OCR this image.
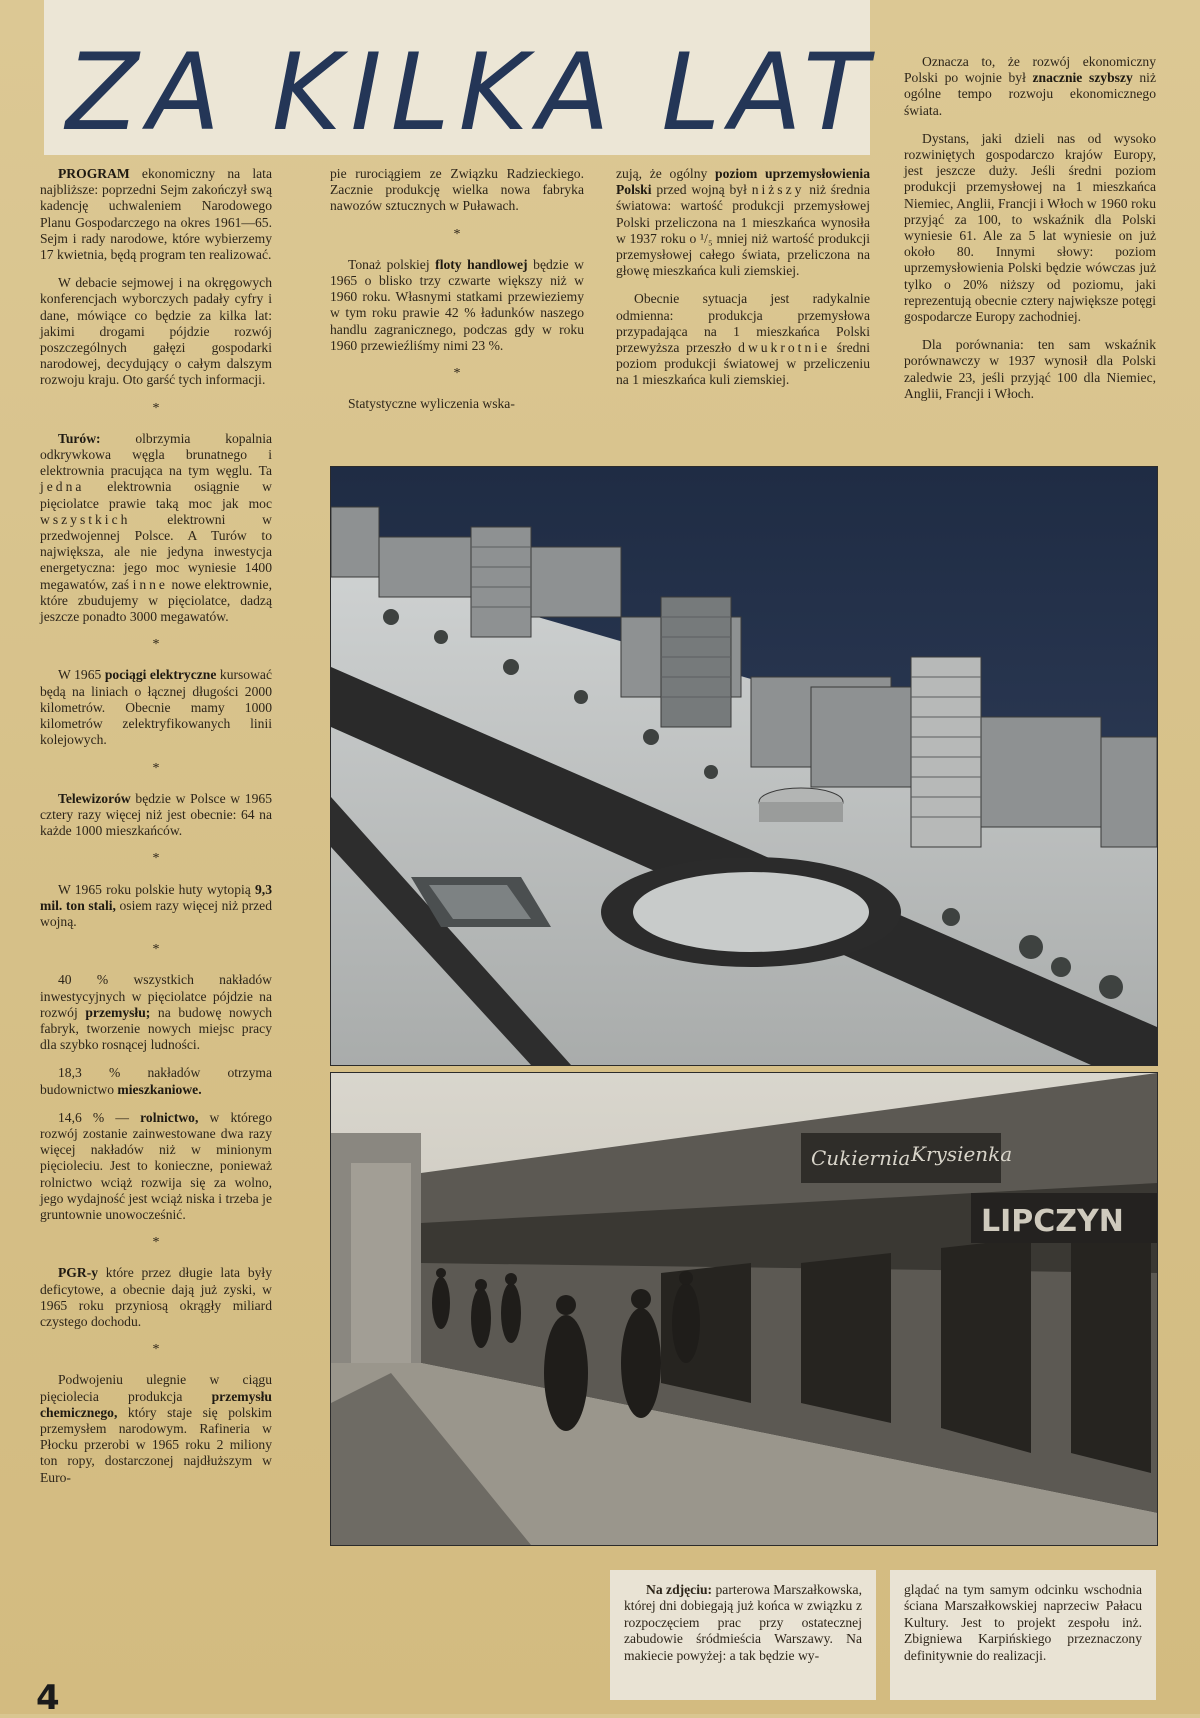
ZA KILKA LAT

PROGRAM ekonomiczny na lata najbliższe: poprzedni Sejm zakończył swą kadencję uchwaleniem Narodowego Planu Gospodarczego na okres 1961—65. Sejm i rady narodowe, które wybierzemy 17 kwietnia, będą program ten realizować.

W debacie sejmowej i na okręgowych konferencjach wyborczych padały cyfry i dane, mówiące co będzie za kilka lat: jakimi drogami pójdzie rozwój poszczególnych gałęzi gospodarki narodowej, decydujący o całym dalszym rozwoju kraju. Oto garść tych informacji.

*

Turów: olbrzymia kopalnia odkrywkowa węgla brunatnego i elektrownia pracująca na tym węglu. Ta jedna elektrownia osiągnie w pięciolatce prawie taką moc jak moc wszystkich elektrowni w przedwojennej Polsce. A Turów to największa, ale nie jedyna inwestycja energetyczna: jego moc wyniesie 1400 megawatów, zaś inne nowe elektrownie, które zbudujemy w pięciolatce, dadzą jeszcze ponadto 3000 megawatów.

*

W 1965 pociągi elektryczne kursować będą na liniach o łącznej długości 2000 kilometrów. Obecnie mamy 1000 kilometrów zelektryfikowanych linii kolejowych.

*

Telewizorów będzie w Polsce w 1965 cztery razy więcej niż jest obecnie: 64 na każde 1000 mieszkańców.

*

W 1965 roku polskie huty wytopią 9,3 mil. ton stali, osiem razy więcej niż przed wojną.

*

40 % wszystkich nakładów inwestycyjnych w pięciolatce pójdzie na rozwój przemysłu; na budowę nowych fabryk, tworzenie nowych miejsc pracy dla szybko rosnącej ludności.

18,3 % nakładów otrzyma budownictwo mieszkaniowe.

14,6 % — rolnictwo, w którego rozwój zostanie zainwestowane dwa razy więcej nakładów niż w minionym pięcioleciu. Jest to konieczne, ponieważ rolnictwo wciąż rozwija się za wolno, jego wydajność jest wciąż niska i trzeba je gruntownie unowocześnić.

*

PGR-y które przez długie lata były deficytowe, a obecnie dają już zyski, w 1965 roku przyniosą okrągły miliard czystego dochodu.

*

Podwojeniu ulegnie w ciągu pięciolecia produkcja przemysłu chemicznego, który staje się polskim przemysłem narodowym. Rafineria w Płocku przerobi w 1965 roku 2 miliony ton ropy, dostarczonej najdłuższym w Euro-

pie rurociągiem ze Związku Radzieckiego. Zacznie produkcję wielka nowa fabryka nawozów sztucznych w Puławach.

*

Tonaż polskiej floty handlowej będzie w 1965 o blisko trzy czwarte większy niż w 1960 roku. Własnymi statkami przewieziemy w tym roku prawie 42 % ładunków naszego handlu zagranicznego, podczas gdy w roku 1960 przewieźliśmy nimi 23 %.

*

Statystyczne wyliczenia wska-

zują, że ogólny poziom uprzemysłowienia Polski przed wojną był niższy niż średnia światowa: wartość produkcji przemysłowej Polski przeliczona na 1 mieszkańca wynosiła w 1937 roku o ¹/₅ mniej niż wartość produkcji przemysłowej całego świata, przeliczona na głowę mieszkańca kuli ziemskiej.

Obecnie sytuacja jest radykalnie odmienna: produkcja przemysłowa przypadająca na 1 mieszkańca Polski przewyższa przeszło dwukrotnie średni poziom produkcji światowej w przeliczeniu na 1 mieszkańca kuli ziemskiej.

Oznacza to, że rozwój ekonomiczny Polski po wojnie był znacznie szybszy niż ogólne tempo rozwoju ekonomicznego świata.

Dystans, jaki dzieli nas od wysoko rozwiniętych gospodarczo krajów Europy, jest jeszcze duży. Jeśli średni poziom produkcji przemysłowej na 1 mieszkańca Niemiec, Anglii, Francji i Włoch w 1960 roku przyjąć za 100, to wskaźnik dla Polski wyniesie 61. Ale za 5 lat wyniesie on już około 80. Innymi słowy: poziom uprzemysłowienia Polski będzie wówczas już tylko o 20% niższy od poziomu, jaki reprezentują obecnie cztery największe potęgi gospodarcze Europy zachodniej.

Dla porównania: ten sam wskaźnik porównawczy w 1937 wynosił dla Polski zaledwie 23, jeśli przyjąć 100 dla Niemiec, Anglii, Francji i Włoch.

Cukiernia Krysienka
LIPCZYN

Na zdjęciu: parterowa Marszałkowska, której dni dobiegają już końca w związku z rozpoczęciem prac przy ostatecznej zabudowie śródmieścia Warszawy. Na makiecie powyżej: a tak będzie wy-

glądać na tym samym odcinku wschodnia ściana Marszałkowskiej naprzeciw Pałacu Kultury. Jest to projekt zespołu inż. Zbigniewa Karpińskiego przeznaczony definitywnie do realizacji.

4
